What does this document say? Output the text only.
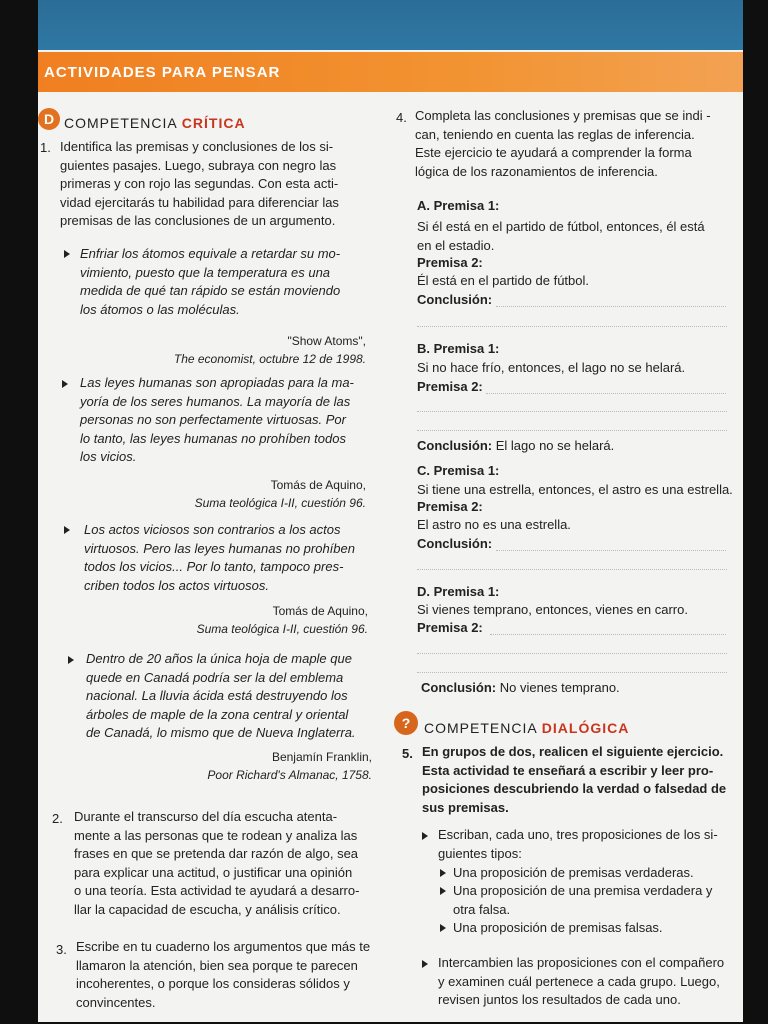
ACTIVIDADES PARA PENSAR
D COMPETENCIA CRÍTICA
1. Identifica las premisas y conclusiones de los si-
guientes pasajes. Luego, subraya con negro las
primeras y con rojo las segundas. Con esta acti-
vidad ejercitarás tu habilidad para diferenciar las
premisas de las conclusiones de un argumento.
Enfriar los átomos equivale a retardar su mo-
vimiento, puesto que la temperatura es una
medida de qué tan rápido se están moviendo
los átomos o las moléculas.
"Show Atoms",
The economist, octubre 12 de 1998.
Las leyes humanas son apropiadas para la ma-
yoría de los seres humanos. La mayoría de las
personas no son perfectamente virtuosas. Por
lo tanto, las leyes humanas no prohíben todos
los vicios.
Tomás de Aquino,
Suma teológica I-II, cuestión 96.
Los actos viciosos son contrarios a los actos
virtuosos. Pero las leyes humanas no prohíben
todos los vicios... Por lo tanto, tampoco pres-
criben todos los actos virtuosos.
Tomás de Aquino,
Suma teológica I-II, cuestión 96.
Dentro de 20 años la única hoja de maple que
quede en Canadá podría ser la del emblema
nacional. La lluvia ácida está destruyendo los
árboles de maple de la zona central y oriental
de Canadá, lo mismo que de Nueva Inglaterra.
Benjamín Franklin,
Poor Richard's Almanac, 1758.
2. Durante el transcurso del día escucha atenta-
mente a las personas que te rodean y analiza las
frases en que se pretenda dar razón de algo, sea
para explicar una actitud, o justificar una opinión
o una teoría. Esta actividad te ayudará a desarro-
llar la capacidad de escucha, y análisis crítico.
3. Escribe en tu cuaderno los argumentos que más te
llamaron la atención, bien sea porque te parecen
incoherentes, o porque los consideras sólidos y
convincentes.
4. Completa las conclusiones y premisas que se indi -
can, teniendo en cuenta las reglas de inferencia.
Este ejercicio te ayudará a comprender la forma
lógica de los razonamientos de inferencia.
A. Premisa 1:
Si él está en el partido de fútbol, entonces, él está
en el estadio.
Premisa 2:
Él está en el partido de fútbol.
Conclusión:
B. Premisa 1:
Si no hace frío, entonces, el lago no se helará.
Premisa 2:
Conclusión: El lago no se helará.
C. Premisa 1:
Si tiene una estrella, entonces, el astro es una estrella.
Premisa 2:
El astro no es una estrella.
Conclusión:
D. Premisa 1:
Si vienes temprano, entonces, vienes en carro.
Premisa 2:
Conclusión: No vienes temprano.
? COMPETENCIA DIALÓGICA
5. En grupos de dos, realicen el siguiente ejercicio.
Esta actividad te enseñará a escribir y leer pro-
posiciones descubriendo la verdad o falsedad de
sus premisas.
Escriban, cada uno, tres proposiciones de los si-
guientes tipos:
Una proposición de premisas verdaderas.
Una proposición de una premisa verdadera y
otra falsa.
Una proposición de premisas falsas.
Intercambien las proposiciones con el compañero
y examinen cuál pertenece a cada grupo. Luego,
revisen juntos los resultados de cada uno.
